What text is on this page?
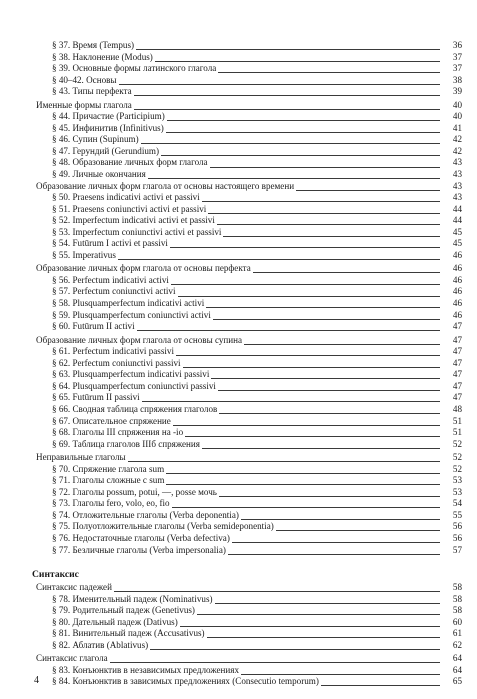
§ 37. Время (Tempus)	36
§ 38. Наклонение (Modus)	37
§ 39. Основные формы латинского глагола	37
§ 40–42. Основы	38
§ 43. Типы перфекта	39
Именные формы глагола	40
§ 44. Причастие (Participium)	40
§ 45. Инфинитив (Infinitivus)	41
§ 46. Супин (Supinum)	42
§ 47. Герундий (Gerundium)	42
§ 48. Образование личных форм глагола	43
§ 49. Личные окончания	43
Образование личных форм глагола от основы настоящего времени	43
§ 50. Praesens indicativi activi et passivi	43
§ 51. Praesens coniunctivi activi et passivi	44
§ 52. Imperfectum indicativi activi et passivi	44
§ 53. Imperfectum coniunctivi activi et passivi	45
§ 54. Futūrum I activi et passivi	45
§ 55. Imperativus	46
Образование личных форм глагола от основы перфекта	46
§ 56. Perfectum indicativi activi	46
§ 57. Perfectum coniunctivi activi	46
§ 58. Plusquamperfectum indicativi activi	46
§ 59. Plusquamperfectum coniunctivi activi	46
§ 60. Futūrum II activi	47
Образование личных форм глагола от основы супина	47
§ 61. Perfectum indicativi passivi	47
§ 62. Perfectum coniunctivi passivi	47
§ 63. Plusquamperfectum indicativi passivi	47
§ 64. Plusquamperfectum coniunctivi passivi	47
§ 65. Futūrum II passivi	47
§ 66. Сводная таблица спряжения глаголов	48
§ 67. Описательное спряжение	51
§ 68. Глаголы III спряжения на -io	51
§ 69. Таблица глаголов IIIб спряжения	52
Неправильные глаголы	52
§ 70. Спряжение глагола sum	52
§ 71. Глаголы сложные с sum	53
§ 72. Глаголы possum, potui, —, posse мочь	53
§ 73. Глаголы fero, volo, eo, fio	54
§ 74. Отложительные глаголы (Verba deponentia)	55
§ 75. Полуотложительные глаголы (Verba semideponentia)	56
§ 76. Недостаточные глаголы (Verba defectiva)	56
§ 77. Безличные глаголы (Verba impersonalia)	57
Синтаксис
Синтаксис падежей	58
§ 78. Именительный падеж (Nominativus)	58
§ 79. Родительный падеж (Genetivus)	58
§ 80. Дательный падеж (Dativus)	60
§ 81. Винительный падеж (Accusativus)	61
§ 82. Аблатив (Ablativus)	62
Синтаксис глагола	64
§ 83. Конъюнктив в независимых предложениях	64
§ 84. Конъюнктив в зависимых предложениях (Consecutio temporum)	65
4
